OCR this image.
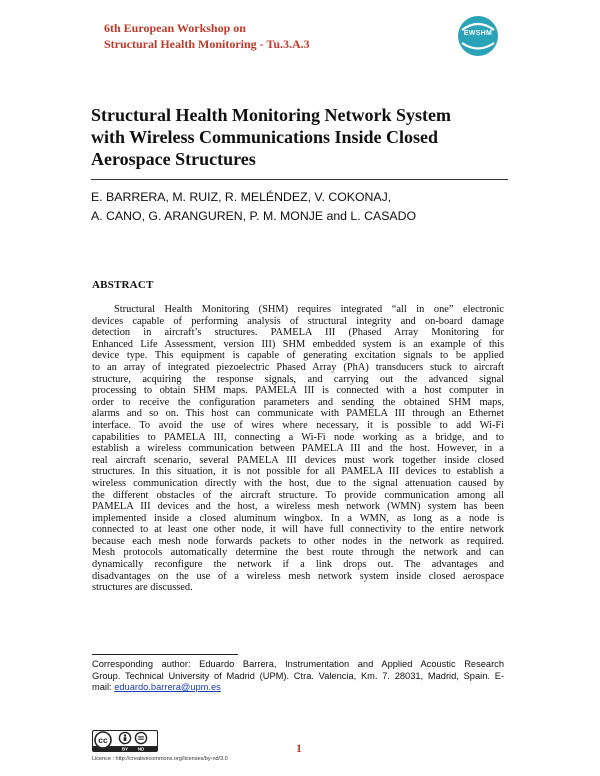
6th European Workshop on
Structural Health Monitoring - Tu.3.A.3
EWSHM
Structural Health Monitoring Network System
with Wireless Communications Inside Closed
Aerospace Structures
E. BARRERA, M. RUIZ, R. MELÉNDEZ, V. COKONAJ,
A. CANO, G. ARANGUREN, P. M. MONJE and L. CASADO
ABSTRACT
Structural Health Monitoring (SHM) requires integrated “all in one” electronic
devices capable of performing analysis of structural integrity and on-board damage
detection in aircraft’s structures. PAMELA III (Phased Array Monitoring for
Enhanced Life Assessment, version III) SHM embedded system is an example of this
device type. This equipment is capable of generating excitation signals to be applied
to an array of integrated piezoelectric Phased Array (PhA) transducers stuck to aircraft
structure, acquiring the response signals, and carrying out the advanced signal
processing to obtain SHM maps. PAMELA III is connected with a host computer in
order to receive the configuration parameters and sending the obtained SHM maps,
alarms and so on. This host can communicate with PAMELA III through an Ethernet
interface. To avoid the use of wires where necessary, it is possible to add Wi-Fi
capabilities to PAMELA III, connecting a Wi-Fi node working as a bridge, and to
establish a wireless communication between PAMELA III and the host. However, in a
real aircraft scenario, several PAMELA III devices must work together inside closed
structures. In this situation, it is not possible for all PAMELA III devices to establish a
wireless communication directly with the host, due to the signal attenuation caused by
the different obstacles of the aircraft structure. To provide communication among all
PAMELA III devices and the host, a wireless mesh network (WMN) system has been
implemented inside a closed aluminum wingbox. In a WMN, as long as a node is
connected to at least one other node, it will have full connectivity to the entire network
because each mesh node forwards packets to other nodes in the network as required.
Mesh protocols automatically determine the best route through the network and can
dynamically reconfigure the network if a link drops out. The advantages and
disadvantages on the use of a wireless mesh network system inside closed aerospace
structures are discussed.
Corresponding author: Eduardo Barrera, Instrumentation and Applied Acoustic Research
Group. Technical University of Madrid (UPM). Ctra. Valencia, Km. 7. 28031, Madrid, Spain. E-
mail: eduardo.barrera@upm.es
cc
BY ND	1
Licence : http://creativecommons.org/licenses/by-nd/3.0
